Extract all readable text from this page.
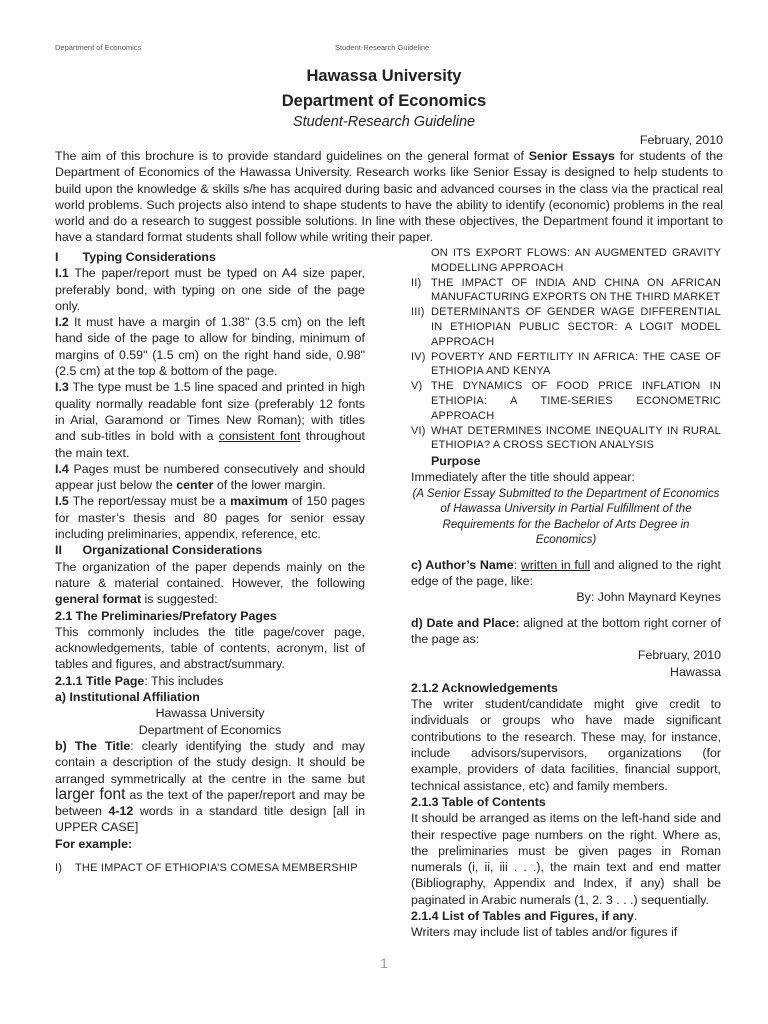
Department of Economics	Student-Research Guideline
Hawassa University
Department of Economics
Student-Research Guideline
February, 2010
The aim of this brochure is to provide standard guidelines on the general format of Senior Essays for students of the Department of Economics of the Hawassa University. Research works like Senior Essay is designed to help students to build upon the knowledge & skills s/he has acquired during basic and advanced courses in the class via the practical real world problems. Such projects also intend to shape students to have the ability to identify (economic) problems in the real world and do a research to suggest possible solutions. In line with these objectives, the Department found it important to have a standard format students shall follow while writing their paper.

I       Typing Considerations

I.1 The paper/report must be typed on A4 size paper, preferably bond, with typing on one side of the page only.

I.2 It must have a margin of 1.38" (3.5 cm) on the left hand side of the page to allow for binding, minimum of margins of 0.59" (1.5 cm) on the right hand side, 0.98" (2.5 cm) at the top & bottom of the page.

I.3 The type must be 1.5 line spaced and printed in high quality normally readable font size (preferably 12 fonts in Arial, Garamond or Times New Roman); with titles and sub-titles in bold with a consistent font throughout the main text.

I.4 Pages must be numbered consecutively and should appear just below the center of the lower margin.

I.5 The report/essay must be a maximum of 150 pages for master’s thesis and 80 pages for senior essay including preliminaries, appendix, reference, etc.

II      Organizational Considerations

The organization of the paper depends mainly on the nature & material contained. However, the following general format is suggested:

2.1 The Preliminaries/Prefatory Pages

This commonly includes the title page/cover page, acknowledgements, table of contents, acronym, list of tables and figures, and abstract/summary.

2.1.1 Title Page: This includes

a) Institutional Affiliation

Hawassa University

Department of Economics

b) The Title: clearly identifying the study and may contain a description of the study design. It should be arranged symmetrically at the centre in the same but larger font as the text of the paper/report and may be between 4-12 words in a standard title design [all in UPPER CASE]

For example:

I)	THE IMPACT OF ETHIOPIA’S COMESA MEMBERSHIP
ON ITS EXPORT FLOWS: AN AUGMENTED GRAVITY MODELLING APPROACH
II) THE IMPACT OF INDIA AND CHINA ON AFRICAN MANUFACTURING EXPORTS ON THE THIRD MARKET
III) DETERMINANTS OF GENDER WAGE DIFFERENTIAL IN ETHIOPIAN PUBLIC SECTOR: A LOGIT MODEL APPROACH
IV) POVERTY AND FERTILITY IN AFRICA: THE CASE OF ETHIOPIA AND KENYA
V) THE DYNAMICS OF FOOD PRICE INFLATION IN ETHIOPIA: A TIME-SERIES ECONOMETRIC APPROACH
VI) WHAT DETERMINES INCOME INEQUALITY IN RURAL ETHIOPIA? A CROSS SECTION ANALYSIS

Purpose

Immediately after the title should appear:

(A Senior Essay Submitted to the Department of Economics of Hawassa University in Partial Fulfillment of the Requirements for the Bachelor of Arts Degree in Economics)

c) Author’s Name: written in full and aligned to the right edge of the page, like:

By: John Maynard Keynes

d) Date and Place: aligned at the bottom right corner of the page as:

February, 2010

Hawassa

2.1.2 Acknowledgements

The writer student/candidate might give credit to individuals or groups who have made significant contributions to the research. These may, for instance, include advisors/supervisors, organizations (for example, providers of data facilities, financial support, technical assistance, etc) and family members.

2.1.3 Table of Contents

It should be arranged as items on the left-hand side and their respective page numbers on the right. Where as, the preliminaries must be given pages in Roman numerals (i, ii, iii . . .), the main text and end matter (Bibliography, Appendix and Index, if any) shall be paginated in Arabic numerals (1, 2. 3 . . .) sequentially.

2.1.4 List of Tables and Figures, if any.

Writers may include list of tables and/or figures if

1
